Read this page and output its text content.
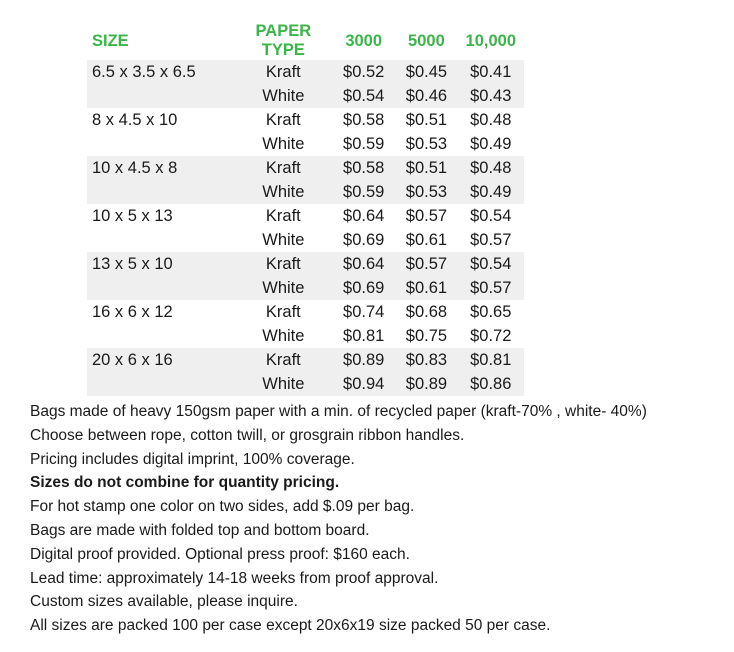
SIZE	PAPER TYPE	3000	5000	10,000
6.5 x 3.5 x 6.5	Kraft	$0.52	$0.45	$0.41
	White	$0.54	$0.46	$0.43
8 x 4.5 x 10	Kraft	$0.58	$0.51	$0.48
	White	$0.59	$0.53	$0.49
10 x 4.5 x 8	Kraft	$0.58	$0.51	$0.48
	White	$0.59	$0.53	$0.49
10 x 5 x 13	Kraft	$0.64	$0.57	$0.54
	White	$0.69	$0.61	$0.57
13 x 5 x 10	Kraft	$0.64	$0.57	$0.54
	White	$0.69	$0.61	$0.57
16 x 6 x 12	Kraft	$0.74	$0.68	$0.65
	White	$0.81	$0.75	$0.72
20 x 6 x 16	Kraft	$0.89	$0.83	$0.81
	White	$0.94	$0.89	$0.86
Bags made of heavy 150gsm paper with a min. of recycled paper (kraft-70% , white- 40%)
Choose between rope, cotton twill, or grosgrain ribbon handles.
Pricing includes digital imprint, 100% coverage.
Sizes do not combine for quantity pricing.
For hot stamp one color on two sides, add $.09 per bag.
Bags are made with folded top and bottom board.
Digital proof provided. Optional press proof: $160 each.
Lead time: approximately 14-18 weeks from proof approval.
Custom sizes available, please inquire.
All sizes are packed 100 per case except 20x6x19 size packed 50 per case.
